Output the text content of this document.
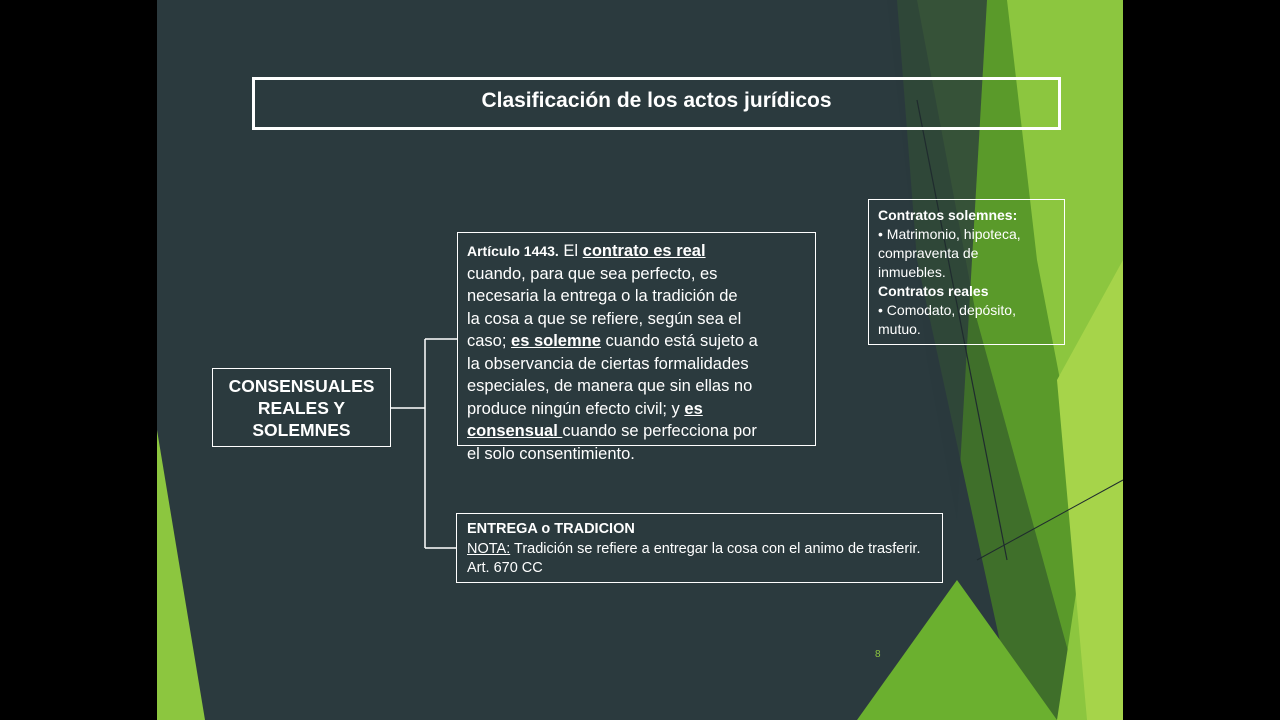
Clasificación de los actos jurídicos
CONSENSUALES
REALES Y
SOLEMNES

Artículo 1443. El contrato es real

cuando, para que sea perfecto, es

necesaria la entrega o la tradición de

la cosa a que se refiere, según sea el

caso; es solemne cuando está sujeto a

la observancia de ciertas formalidades

especiales, de manera que sin ellas no

produce ningún efecto civil; y es

consensual cuando se perfecciona por

el solo consentimiento.

ENTREGA o TRADICION

NOTA: Tradición se refiere a entregar la cosa con el animo de trasferir.

Art. 670 CC

Contratos solemnes:

• Matrimonio, hipoteca,

compraventa de

inmuebles.

Contratos reales

• Comodato, depósito,

mutuo.

8
